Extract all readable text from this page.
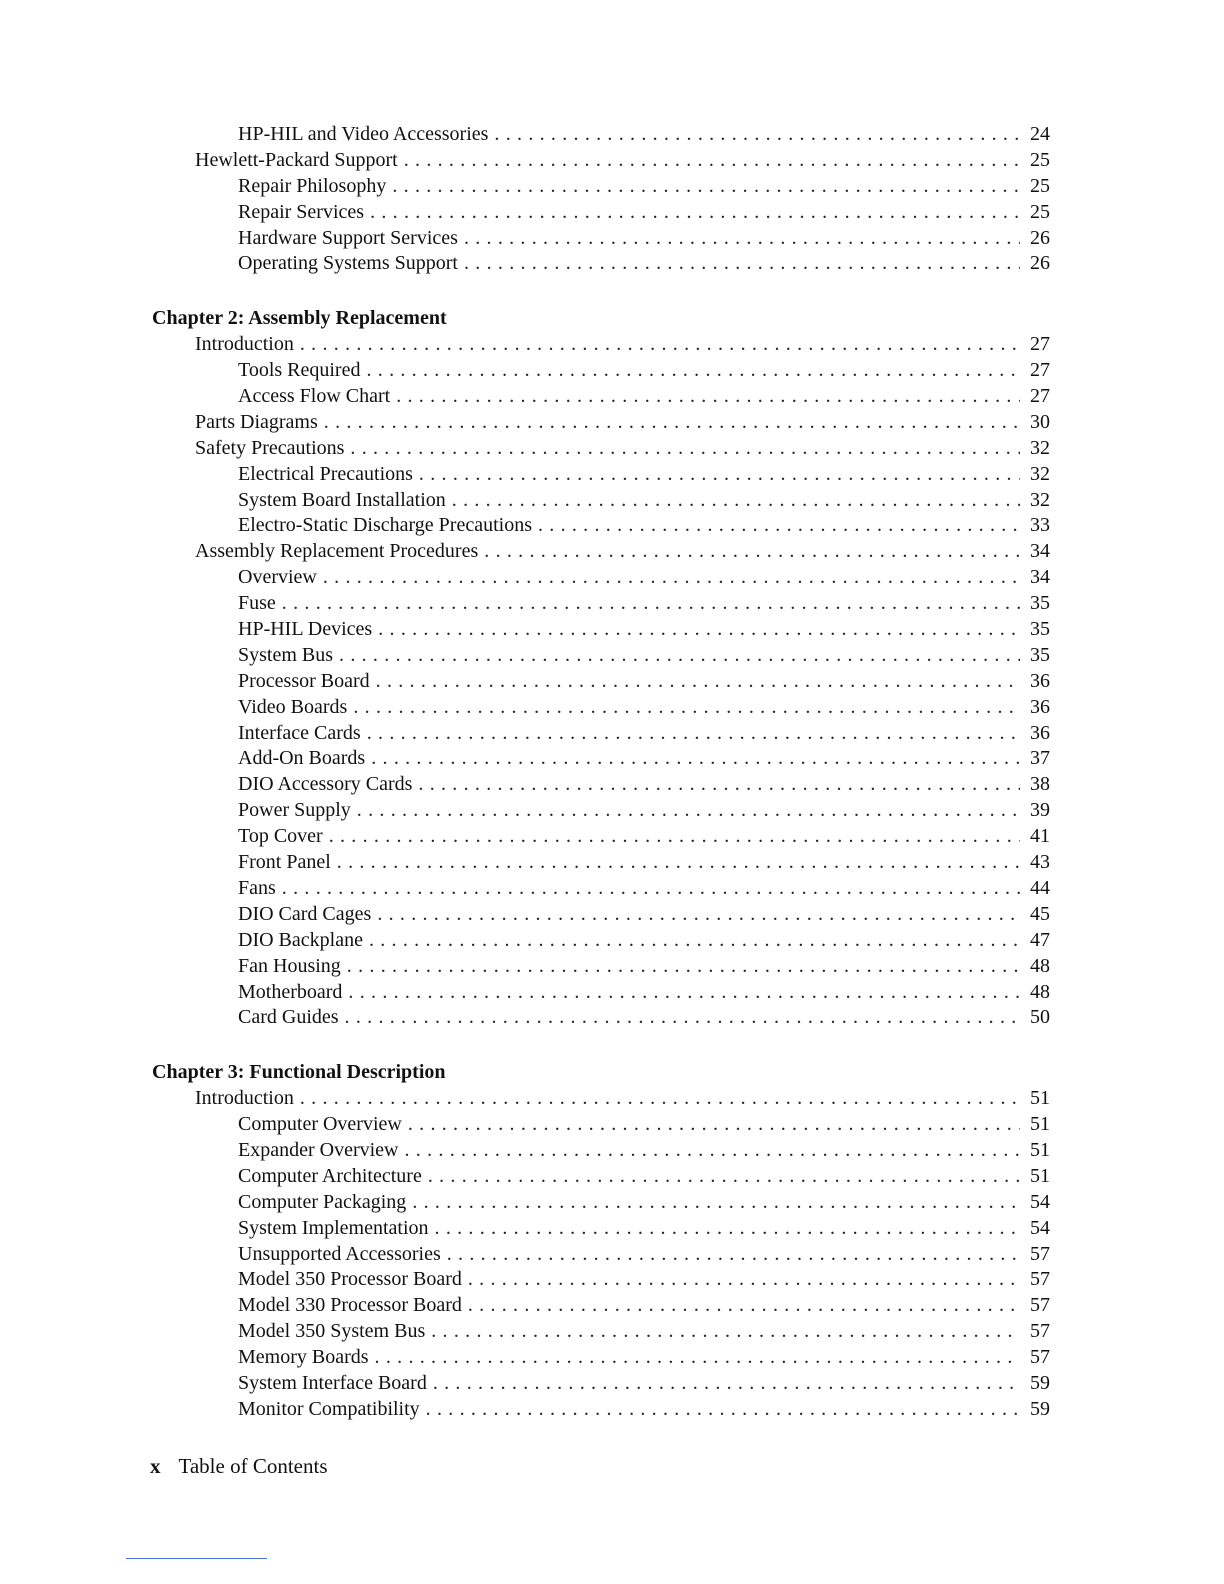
HP-HIL and Video Accessories . . .	24
Hewlett-Packard Support . . .	25
Repair Philosophy . . .	25
Repair Services . . .	25
Hardware Support Services . . .	26
Operating Systems Support . . .	26
Chapter 2: Assembly Replacement
Introduction . . .	27
Tools Required . . .	27
Access Flow Chart . . .	27
Parts Diagrams . . .	30
Safety Precautions . . .	32
Electrical Precautions . . .	32
System Board Installation . . .	32
Electro-Static Discharge Precautions . . .	33
Assembly Replacement Procedures . . .	34
Overview . . .	34
Fuse . . .	35
HP-HIL Devices . . .	35
System Bus . . .	35
Processor Board . . .	36
Video Boards . . .	36
Interface Cards . . .	36
Add-On Boards . . .	37
DIO Accessory Cards . . .	38
Power Supply . . .	39
Top Cover . . .	41
Front Panel . . .	43
Fans . . .	44
DIO Card Cages . . .	45
DIO Backplane . . .	47
Fan Housing . . .	48
Motherboard . . .	48
Card Guides . . .	50
Chapter 3: Functional Description
Introduction . . .	51
Computer Overview . . .	51
Expander Overview . . .	51
Computer Architecture . . .	51
Computer Packaging . . .	54
System Implementation . . .	54
Unsupported Accessories . . .	57
Model 350 Processor Board . . .	57
Model 330 Processor Board . . .	57
Model 350 System Bus . . .	57
Memory Boards . . .	57
System Interface Board . . .	59
Monitor Compatibility . . .	59
x Table of Contents
